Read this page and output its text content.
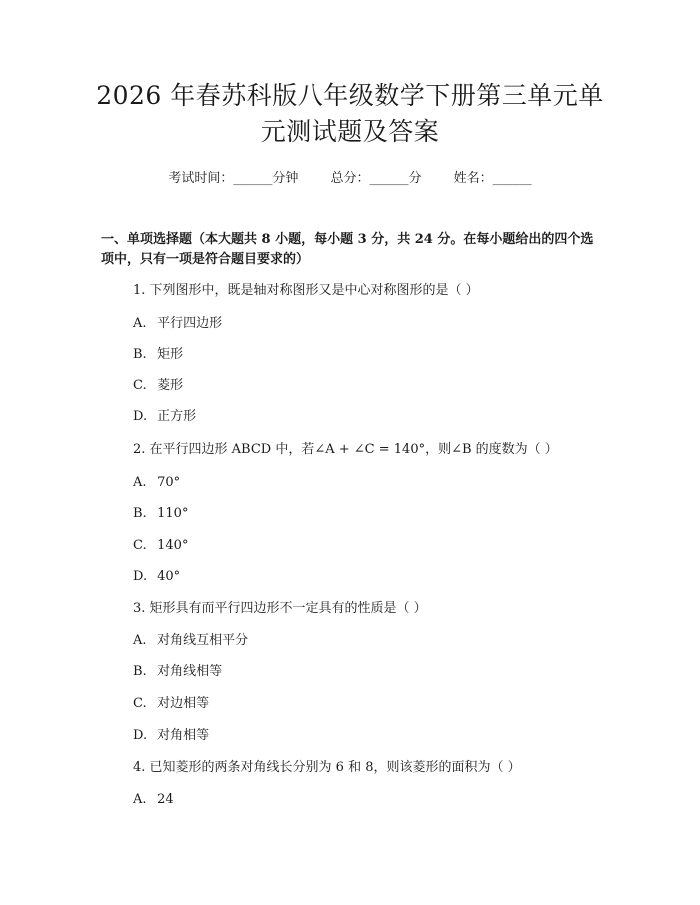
2026 年春苏科版八年级数学下册第三单元单
元测试题及答案
考试时间：______分钟 总分：______分 姓名：______
一、单项选择题（本大题共 8 小题，每小题 3 分，共 24 分。在每小题给出的四个选项中，只有一项是符合题目要求的）
1. 下列图形中，既是轴对称图形又是中心对称图形的是（ ）
A. 平行四边形
B. 矩形
C. 菱形
D. 正方形
2. 在平行四边形 ABCD 中，若∠A + ∠C = 140°，则∠B 的度数为（ ）
A. 70°
B. 110°
C. 140°
D. 40°
3. 矩形具有而平行四边形不一定具有的性质是（ ）
A. 对角线互相平分
B. 对角线相等
C. 对边相等
D. 对角相等
4. 已知菱形的两条对角线长分别为 6 和 8，则该菱形的面积为（ ）
A. 24
